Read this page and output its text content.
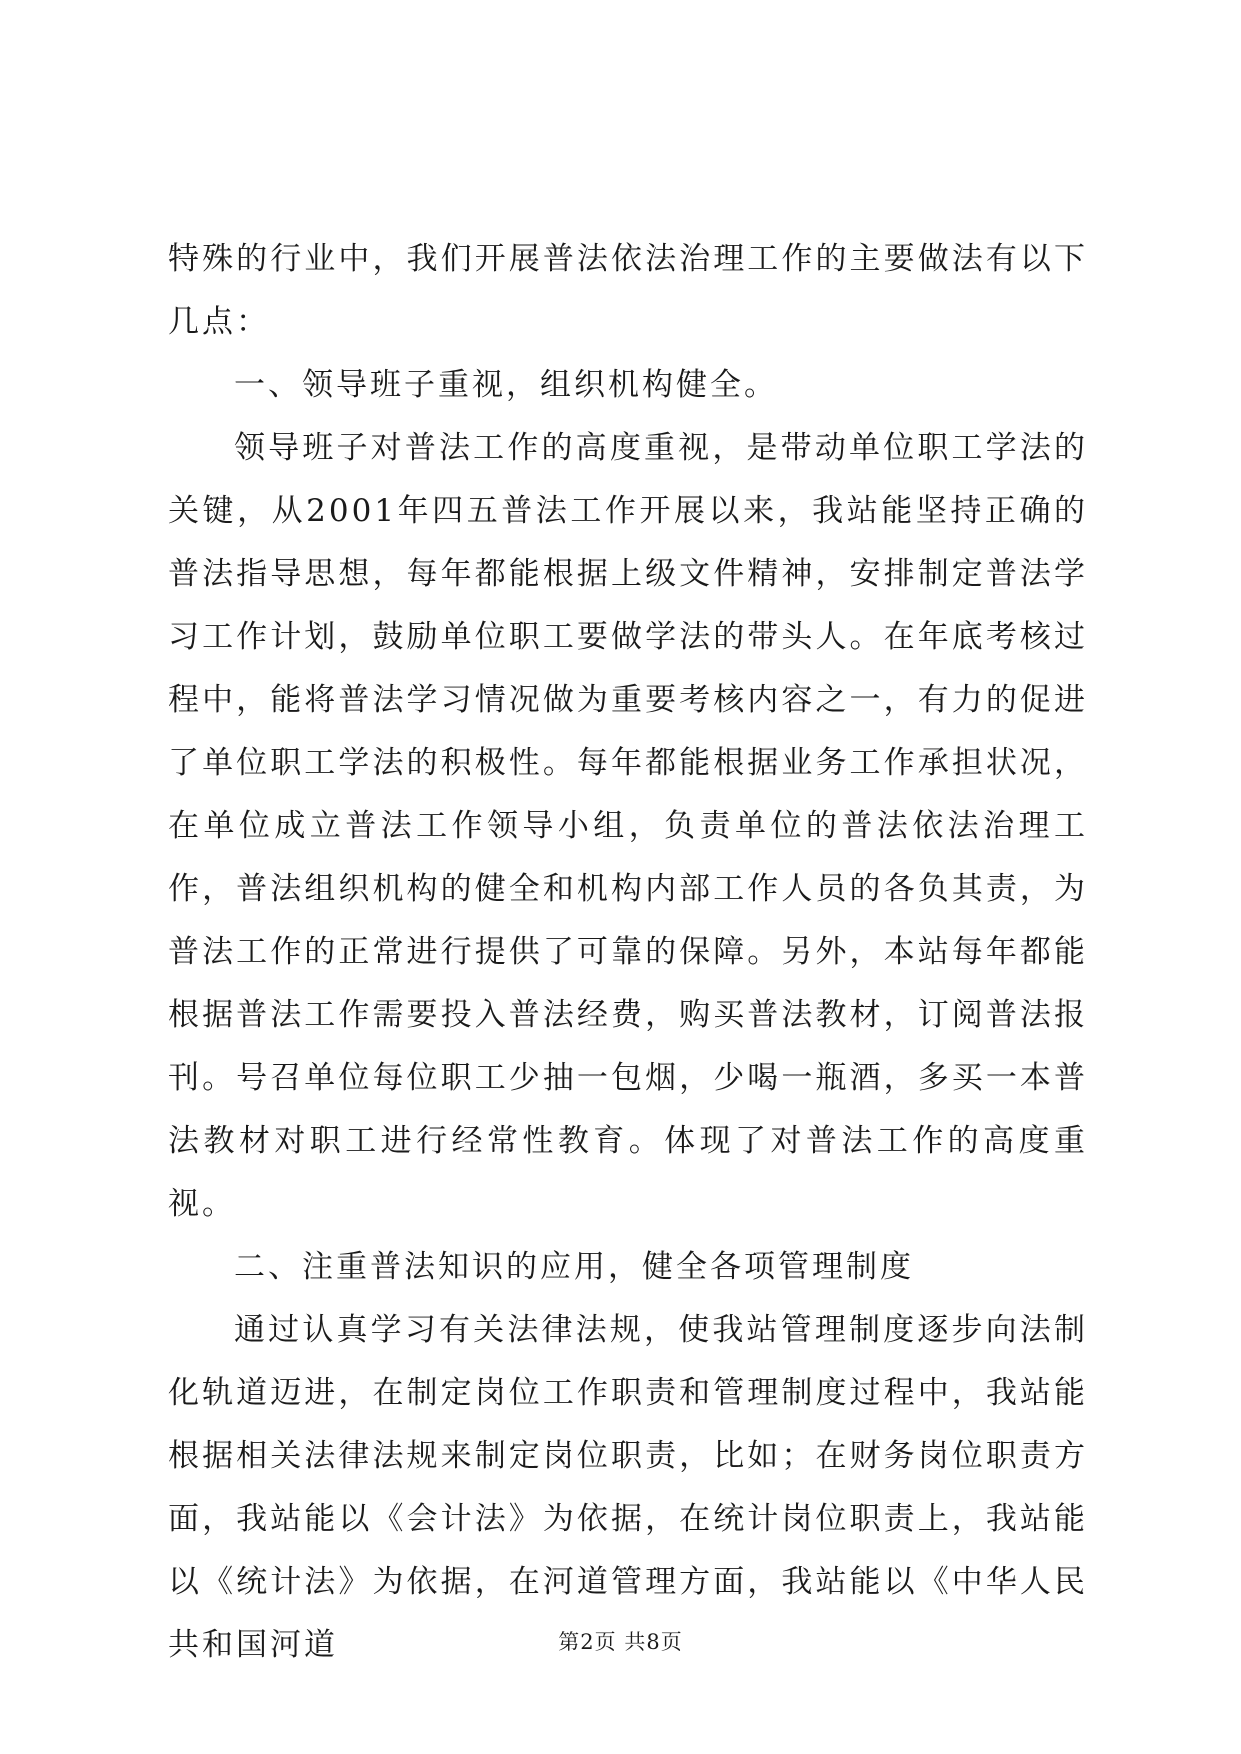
特殊的行业中，我们开展普法依法治理工作的主要做法有以下几点：

一、领导班子重视，组织机构健全。

领导班子对普法工作的高度重视，是带动单位职工学法的关键，从2001年四五普法工作开展以来，我站能坚持正确的普法指导思想，每年都能根据上级文件精神，安排制定普法学习工作计划，鼓励单位职工要做学法的带头人。在年底考核过程中，能将普法学习情况做为重要考核内容之一，有力的促进了单位职工学法的积极性。每年都能根据业务工作承担状况，在单位成立普法工作领导小组，负责单位的普法依法治理工作，普法组织机构的健全和机构内部工作人员的各负其责，为普法工作的正常进行提供了可靠的保障。另外，本站每年都能根据普法工作需要投入普法经费，购买普法教材，订阅普法报刊。号召单位每位职工少抽一包烟，少喝一瓶酒，多买一本普法教材对职工进行经常性教育。体现了对普法工作的高度重视。

二、注重普法知识的应用，健全各项管理制度

通过认真学习有关法律法规，使我站管理制度逐步向法制化轨道迈进，在制定岗位工作职责和管理制度过程中，我站能根据相关法律法规来制定岗位职责，比如；在财务岗位职责方面，我站能以《会计法》为依据，在统计岗位职责上，我站能以《统计法》为依据，在河道管理方面，我站能以《中华人民共和国河道	第2页 共8页
